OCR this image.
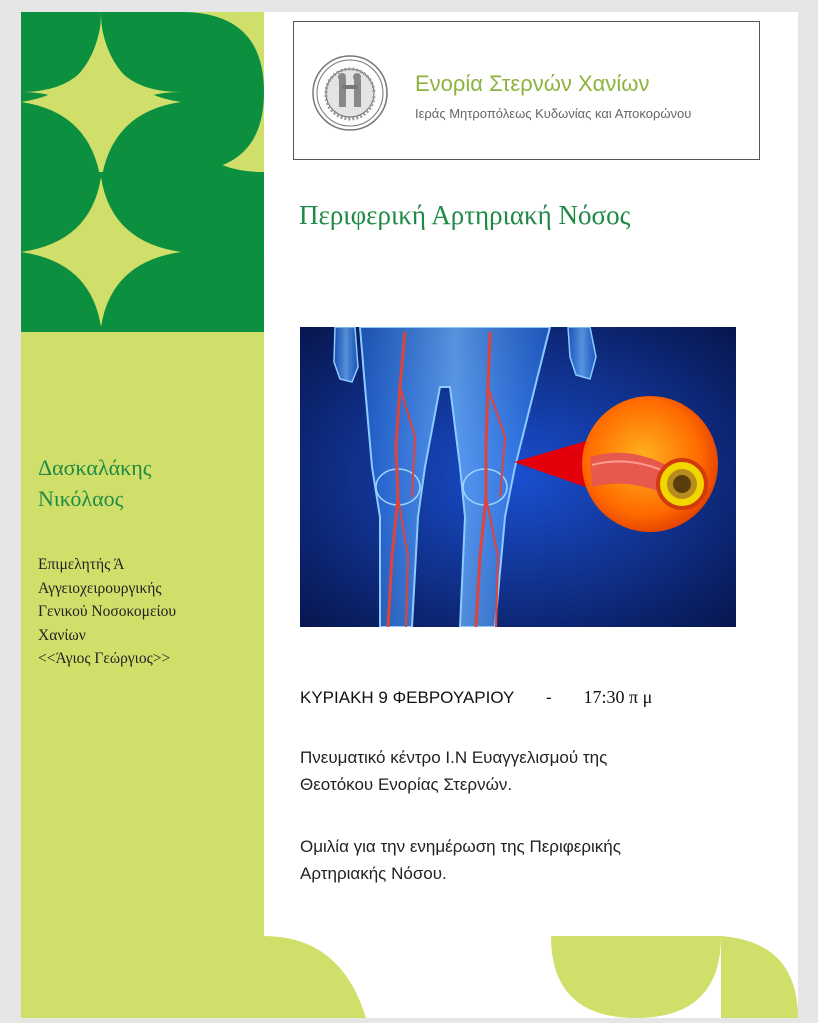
Δασκαλάκης
Νικόλαος
Επιμελητής Ά
Αγγειοχειρουργικής
Γενικού Νοσοκομείου
Χανίων
<<Άγιος Γεώργιος>>
Ενορία Στερνών Χανίων
Ιεράς Μητροπόλεως Κυδωνίας και Αποκορώνου
Περιφερική Αρτηριακή Νόσος
ΚΥΡΙΑΚΗ 9 ΦΕΒΡΟΥΑΡΙΟΥ - 17:30 π μ
Πνευματικό κέντρο Ι.Ν Ευαγγελισμού της
Θεοτόκου Ενορίας Στερνών.
Ομιλία για την ενημέρωση της Περιφερικής
Αρτηριακής Νόσου.
